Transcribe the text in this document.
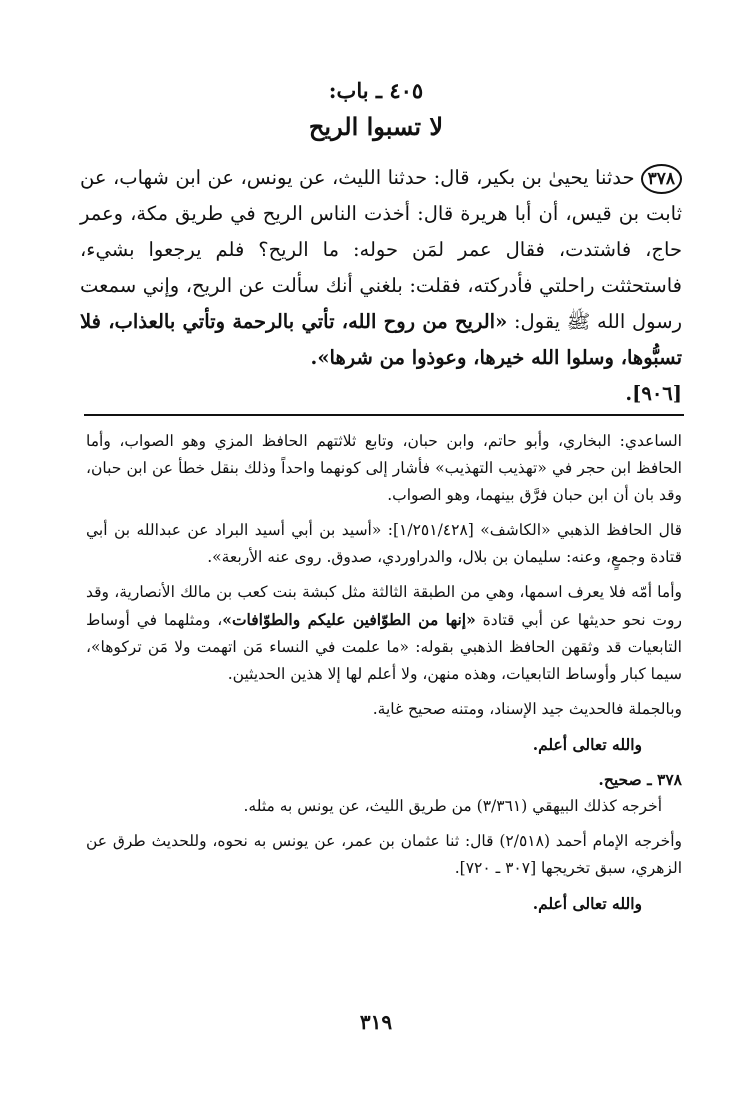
٤٠٥ ـ باب:
لا تسبوا الريح
٣٧٨حدثنا يحيىٰ بن بكير، قال: حدثنا الليث، عن يونس، عن ابن شهاب، عن ثابت بن قيس، أن أبا هريرة قال: أخذت الناس الريح في طريق مكة، وعمر حاج، فاشتدت، فقال عمر لمَن حوله: ما الريح؟ فلم يرجعوا بشيء، فاستحثثت راحلتي فأدركته، فقلت: بلغني أنك سألت عن الريح، وإني سمعت رسول الله ﷺ يقول: «الريح من روح الله، تأتي بالرحمة وتأتي بالعذاب، فلا تسبُّوها، وسلوا الله خيرها، وعوذوا من شرها».
[٩٠٦].

الساعدي: البخاري، وأبو حاتم، وابن حبان، وتابع ثلاثتهم الحافظ المزي وهو الصواب، وأما الحافظ ابن حجر في «تهذيب التهذيب» فأشار إلى كونهما واحداً وذلك بنقل خطأ عن ابن حبان، وقد بان أن ابن حبان فرَّق بينهما، وهو الصواب.

قال الحافظ الذهبي «الكاشف» [١/٢٥١/٤٢٨]: «أسيد بن أبي أسيد البراد عن عبدالله بن أبي قتادة وجمعٍ، وعنه: سليمان بن بلال، والدراوردي، صدوق. روى عنه الأربعة».

وأما أمّه فلا يعرف اسمها، وهي من الطبقة الثالثة مثل كبشة بنت كعب بن مالك الأنصارية، وقد روت نحو حديثها عن أبي قتادة «إنها من الطوّافين عليكم والطوّافات»، ومثلهما في أوساط التابعيات قد وثقهن الحافظ الذهبي بقوله: «ما علمت في النساء مَن اتهمت ولا مَن تركوها»، سيما كبار وأوساط التابعيات، وهذه منهن، ولا أعلم لها إلا هذين الحديثين.

وبالجملة فالحديث جيد الإسناد، ومتنه صحيح غاية.

والله تعالى أعلم.

٣٧٨ ـ صحيح.

أخرجه كذلك البيهقي (٣/٣٦١) من طريق الليث، عن يونس به مثله.

وأخرجه الإمام أحمد (٢/٥١٨) قال: ثنا عثمان بن عمر، عن يونس به نحوه، وللحديث طرق عن الزهري، سبق تخريجها [٣٠٧ ـ ٧٢٠].

والله تعالى أعلم.

٣١٩
